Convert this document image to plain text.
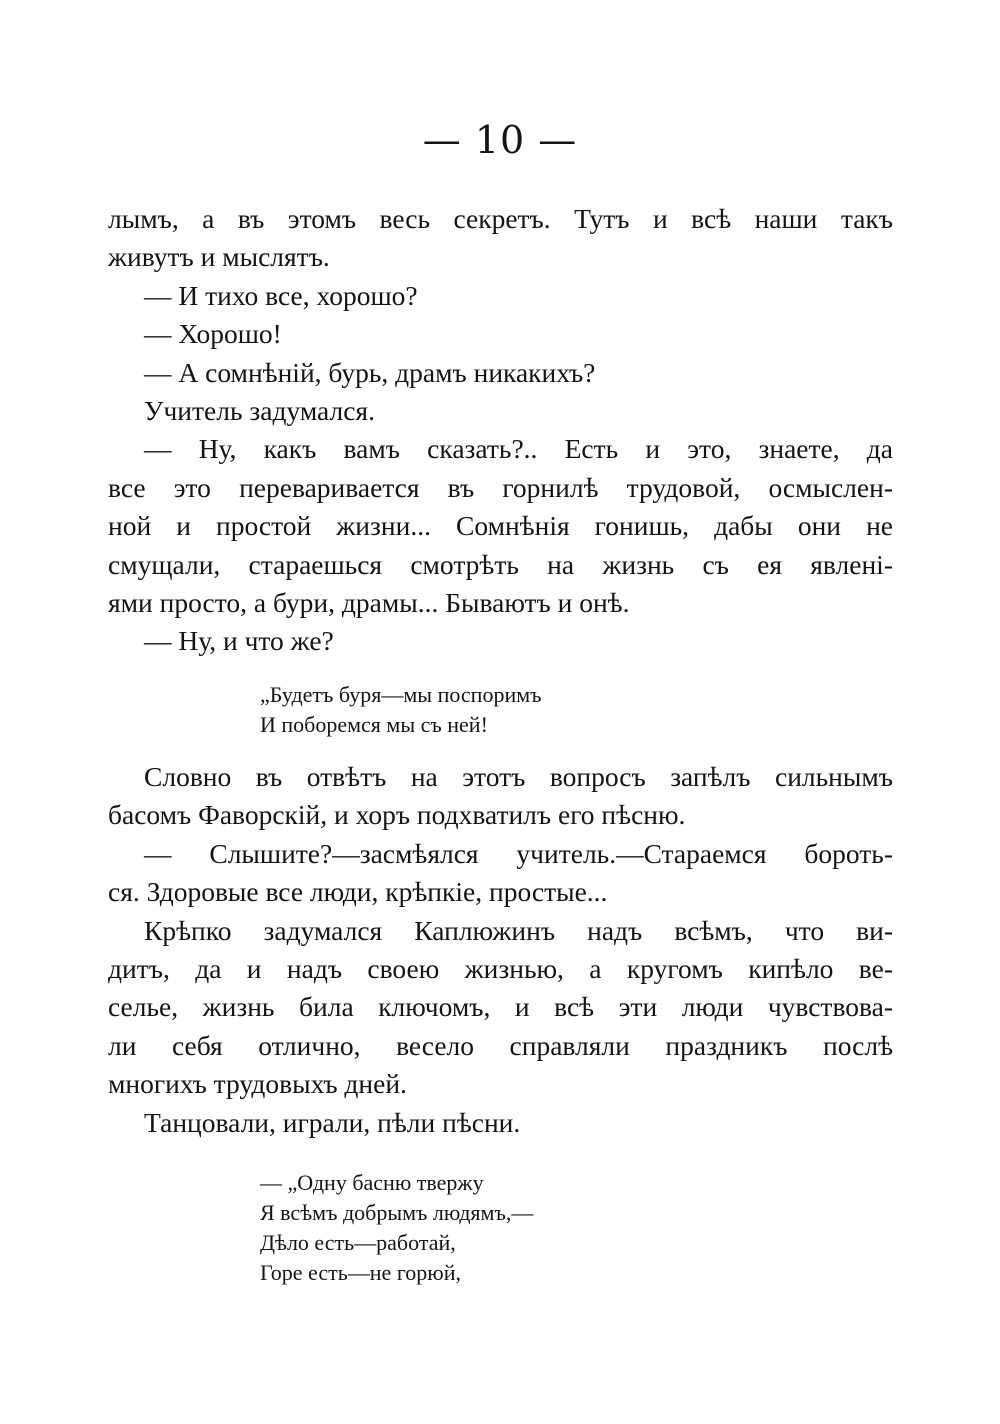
— 10 —

лымъ, а въ этомъ весь секретъ. Тутъ и всѣ наши такъ

живутъ и мыслятъ.

— И тихо все, хорошо?

— Хорошо!

— А сомнѣній, бурь, драмъ никакихъ?

Учитель задумался.

— Ну, какъ вамъ сказать?.. Есть и это, знаете, да

все это переваривается въ горнилѣ трудовой, осмыслен-

ной и простой жизни... Сомнѣнія гонишь, дабы они не

смущали, стараешься смотрѣть на жизнь съ ея явлені-

ями просто, а бури, драмы... Бываютъ и онѣ.

— Ну, и что же?

„Будетъ буря—мы поспоримъ
И поборемся мы съ ней!

Словно въ отвѣтъ на этотъ вопросъ запѣлъ сильнымъ

басомъ Фаворскій, и хоръ подхватилъ его пѣсню.

— Слышите?—засмѣялся учитель.—Стараемся бороть-

ся. Здоровые все люди, крѣпкіе, простые...

Крѣпко задумался Каплюжинъ надъ всѣмъ, что ви-

дитъ, да и надъ своею жизнью, а кругомъ кипѣло ве-

селье, жизнь била ключомъ, и всѣ эти люди чувствова-

ли себя отлично, весело справляли праздникъ послѣ

многихъ трудовыхъ дней.

Танцовали, играли, пѣли пѣсни.

— „Одну басню твержу
Я всѣмъ добрымъ людямъ,—
Дѣло есть—работай,
Горе есть—не горюй,
